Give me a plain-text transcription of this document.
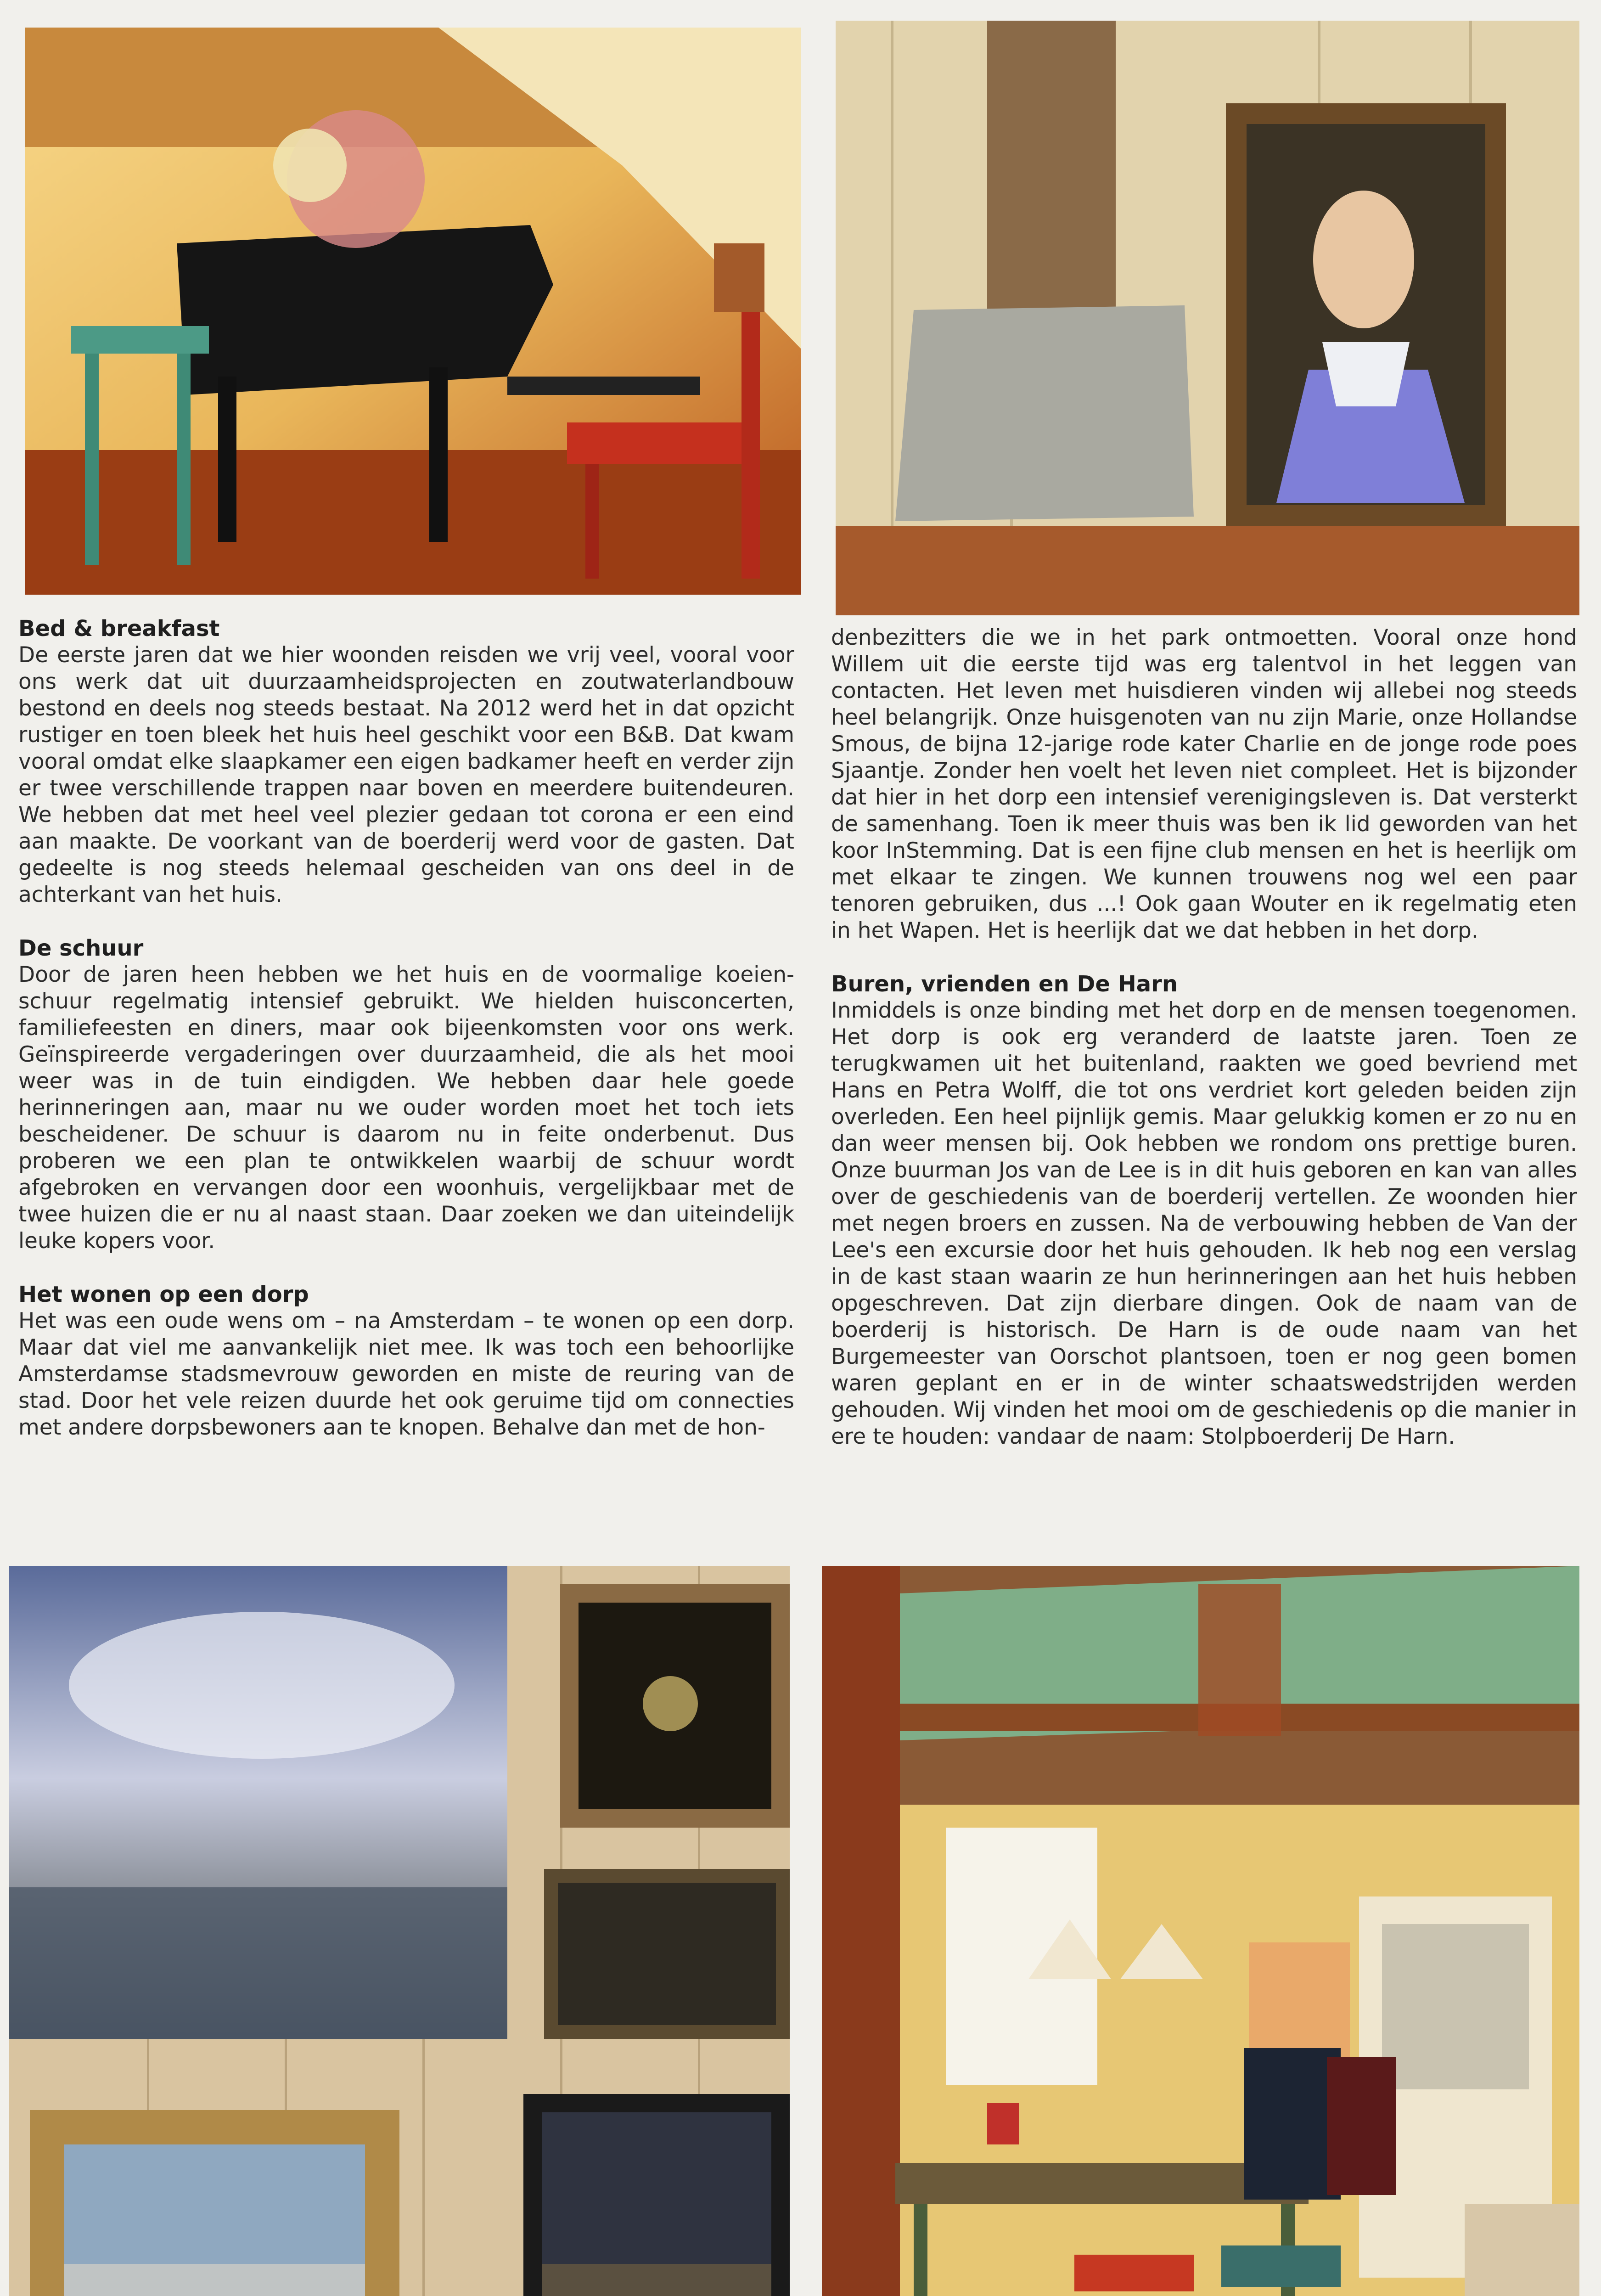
Bed & breakfast

De eerste jaren dat we hier woonden reisden we vrij veel, vooral voor ons werk dat uit duurzaamheidsprojecten en zoutwaterlandbouw bestond en deels nog steeds bestaat. Na 2012 werd het in dat opzicht rustiger en toen bleek het huis heel geschikt voor een B&B. Dat kwam vooral omdat elke slaapkamer een eigen badkamer heeft en verder zijn er twee verschillende trappen naar boven en meerdere buitendeuren. We hebben dat met heel veel plezier gedaan tot corona er een eind aan maakte. De voorkant van de boerderij werd voor de gasten. Dat gedeelte is nog steeds helemaal gescheiden van ons deel in de achterkant van het huis.

De schuur

Door de jaren heen hebben we het huis en de voormalige koeien-schuur regelmatig intensief gebruikt. We hielden huisconcerten, familiefeesten en diners, maar ook bijeenkomsten voor ons werk. Geïnspireerde vergaderingen over duurzaamheid, die als het mooi weer was in de tuin eindigden. We hebben daar hele goede herinneringen aan, maar nu we ouder worden moet het toch iets bescheidener. De schuur is daarom nu in feite onderbenut. Dus proberen we een plan te ontwikkelen waarbij de schuur wordt afgebroken en vervangen door een woonhuis, vergelijkbaar met de twee huizen die er nu al naast staan. Daar zoeken we dan uiteindelijk leuke kopers voor.

Het wonen op een dorp

Het was een oude wens om – na Amsterdam – te wonen op een dorp. Maar dat viel me aanvankelijk niet mee. Ik was toch een behoorlijke Amsterdamse stadsmevrouw geworden en miste de reuring van de stad. Door het vele reizen duurde het ook geruime tijd om connecties met andere dorpsbewoners aan te knopen. Behalve dan met de hon-

denbezitters die we in het park ontmoetten. Vooral onze hond Willem uit die eerste tijd was erg talentvol in het leggen van contacten. Het leven met huisdieren vinden wij allebei nog steeds heel belangrijk. Onze huisgenoten van nu zijn Marie, onze Hollandse Smous, de bijna 12-jarige rode kater Charlie en de jonge rode poes Sjaantje. Zonder hen voelt het leven niet compleet. Het is bijzonder dat hier in het dorp een intensief verenigingsleven is. Dat versterkt de samenhang. Toen ik meer thuis was ben ik lid geworden van het koor InStemming. Dat is een fijne club mensen en het is heerlijk om met elkaar te zingen. We kunnen trouwens nog wel een paar tenoren gebruiken, dus ...! Ook gaan Wouter en ik regelmatig eten in het Wapen. Het is heerlijk dat we dat hebben in het dorp.

Buren, vrienden en De Harn

Inmiddels is onze binding met het dorp en de mensen toegenomen. Het dorp is ook erg veranderd de laatste jaren. Toen ze terugkwamen uit het buitenland, raakten we goed bevriend met Hans en Petra Wolff, die tot ons verdriet kort geleden beiden zijn overleden. Een heel pijnlijk gemis. Maar gelukkig komen er zo nu en dan weer mensen bij. Ook hebben we rondom ons prettige buren. Onze buurman Jos van de Lee is in dit huis geboren en kan van alles over de geschiedenis van de boerderij vertellen. Ze woonden hier met negen broers en zussen. Na de verbouwing hebben de Van der Lee's een excursie door het huis gehouden. Ik heb nog een verslag in de kast staan waarin ze hun herinneringen aan het huis hebben opgeschreven. Dat zijn dierbare dingen. Ook de naam van de boerderij is historisch. De Harn is de oude naam van het Burgemeester van Oorschot plantsoen, toen er nog geen bomen waren geplant en er in de winter schaatswedstrijden werden gehouden. Wij vinden het mooi om de geschiedenis op die manier in ere te houden: vandaar de naam: Stolpboerderij De Harn.
